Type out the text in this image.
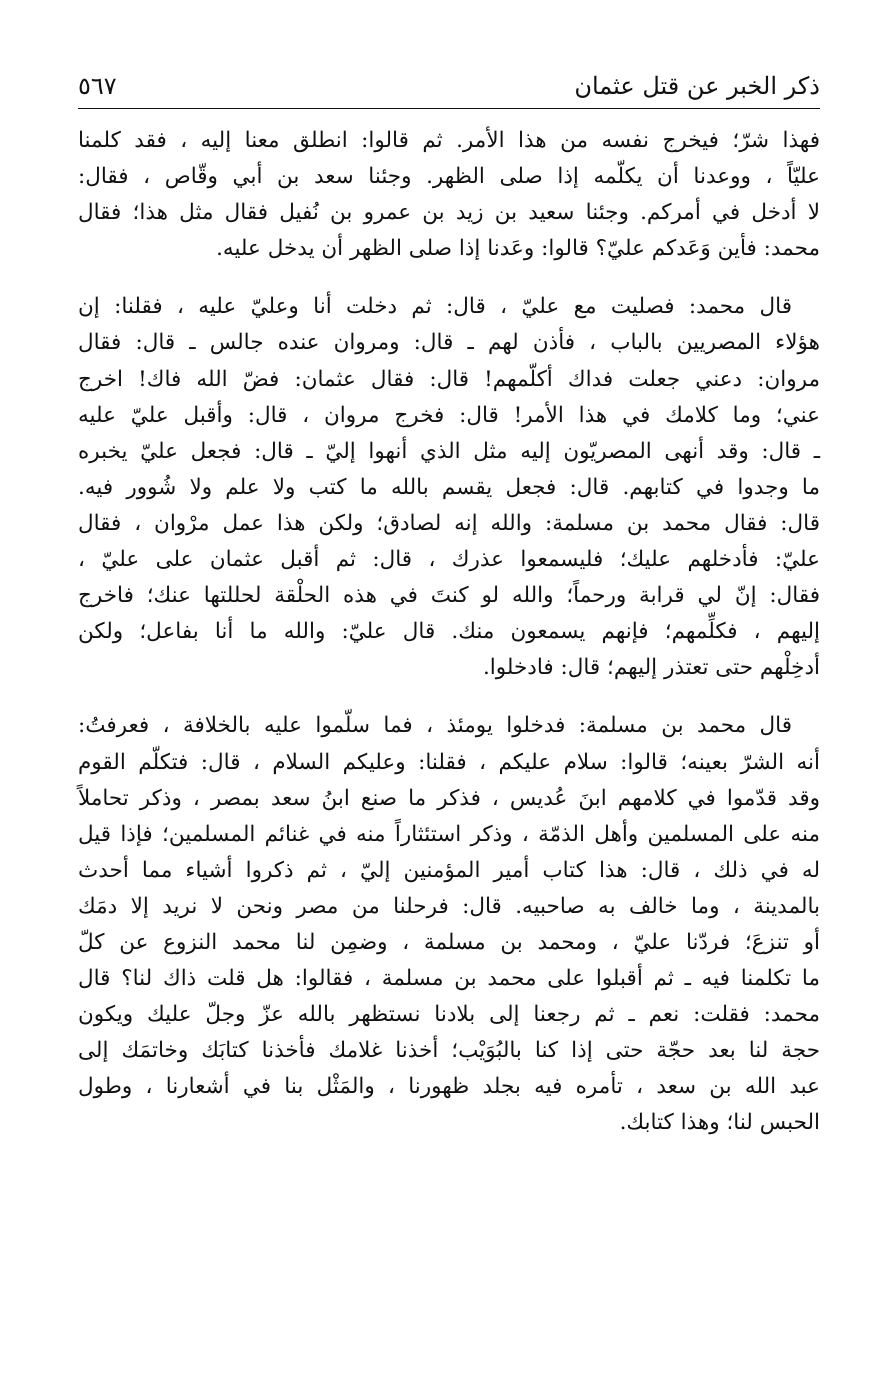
ذكر الخبر عن قتل عثمان
٥٦٧
فهذا شرّ؛ فيخرج نفسه من هذا الأمر. ثم قالوا: انطلق معنا إليه ، فقد كلمنا
عليّاً ، ووعدنا أن يكلّمه إذا صلى الظهر. وجئنا سعد بن أبي وقّاص ، فقال:
لا أدخل في أمركم. وجئنا سعيد بن زيد بن عمرو بن نُفيل فقال مثل هذا؛ فقال
محمد: فأين وَعَدكم عليّ؟ قالوا: وعَدنا إذا صلى الظهر أن يدخل عليه.
قال محمد: فصليت مع عليّ ، قال: ثم دخلت أنا وعليّ عليه ، فقلنا: إن
هؤلاء المصريين بالباب ، فأذن لهم ـ قال: ومروان عنده جالس ـ قال: فقال
مروان: دعني جعلت فداك أكلّمهم! قال: فقال عثمان: فضّ الله فاك! اخرج
عني؛ وما كلامك في هذا الأمر! قال: فخرج مروان ، قال: وأقبل عليّ عليه
ـ قال: وقد أنهى المصريّون إليه مثل الذي أنهوا إليّ ـ قال: فجعل عليّ يخبره
ما وجدوا في كتابهم. قال: فجعل يقسم بالله ما كتب ولا علم ولا شُوور فيه.
قال: فقال محمد بن مسلمة: والله إنه لصادق؛ ولكن هذا عمل مرْوان ، فقال
عليّ: فأدخلهم عليك؛ فليسمعوا عذرك ، قال: ثم أقبل عثمان على عليّ ،
فقال: إنّ لي قرابة ورحماً؛ والله لو كنتَ في هذه الحلْقة لحللتها عنك؛ فاخرج
إليهم ، فكلِّمهم؛ فإنهم يسمعون منك. قال عليّ: والله ما أنا بفاعل؛ ولكن
أدخِلْهم حتى تعتذر إليهم؛ قال: فادخلوا.
قال محمد بن مسلمة: فدخلوا يومئذ ، فما سلّموا عليه بالخلافة ، فعرفتُ:
أنه الشرّ بعينه؛ قالوا: سلام عليكم ، فقلنا: وعليكم السلام ، قال: فتكلّم القوم
وقد قدّموا في كلامهم ابنَ عُديس ، فذكر ما صنع ابنُ سعد بمصر ، وذكر تحاملاً
منه على المسلمين وأهل الذمّة ، وذكر استئثاراً منه في غنائم المسلمين؛ فإذا قيل
له في ذلك ، قال: هذا كتاب أمير المؤمنين إليّ ، ثم ذكروا أشياء مما أحدث
بالمدينة ، وما خالف به صاحبيه. قال: فرحلنا من مصر ونحن لا نريد إلا دمَك
أو تنزعَ؛ فردّنا عليّ ، ومحمد بن مسلمة ، وضمِن لنا محمد النزوع عن كلّ
ما تكلمنا فيه ـ ثم أقبلوا على محمد بن مسلمة ، فقالوا: هل قلت ذاك لنا؟ قال
محمد: فقلت: نعم ـ ثم رجعنا إلى بلادنا نستظهر بالله عزّ وجلّ عليك ويكون
حجة لنا بعد حجّة حتى إذا كنا بالبُوَيْب؛ أخذنا غلامك فأخذنا كتابَك وخاتمَك إلى
عبد الله بن سعد ، تأمره فيه بجلد ظهورنا ، والمَثْل بنا في أشعارنا ، وطول
الحبس لنا؛ وهذا كتابك.
